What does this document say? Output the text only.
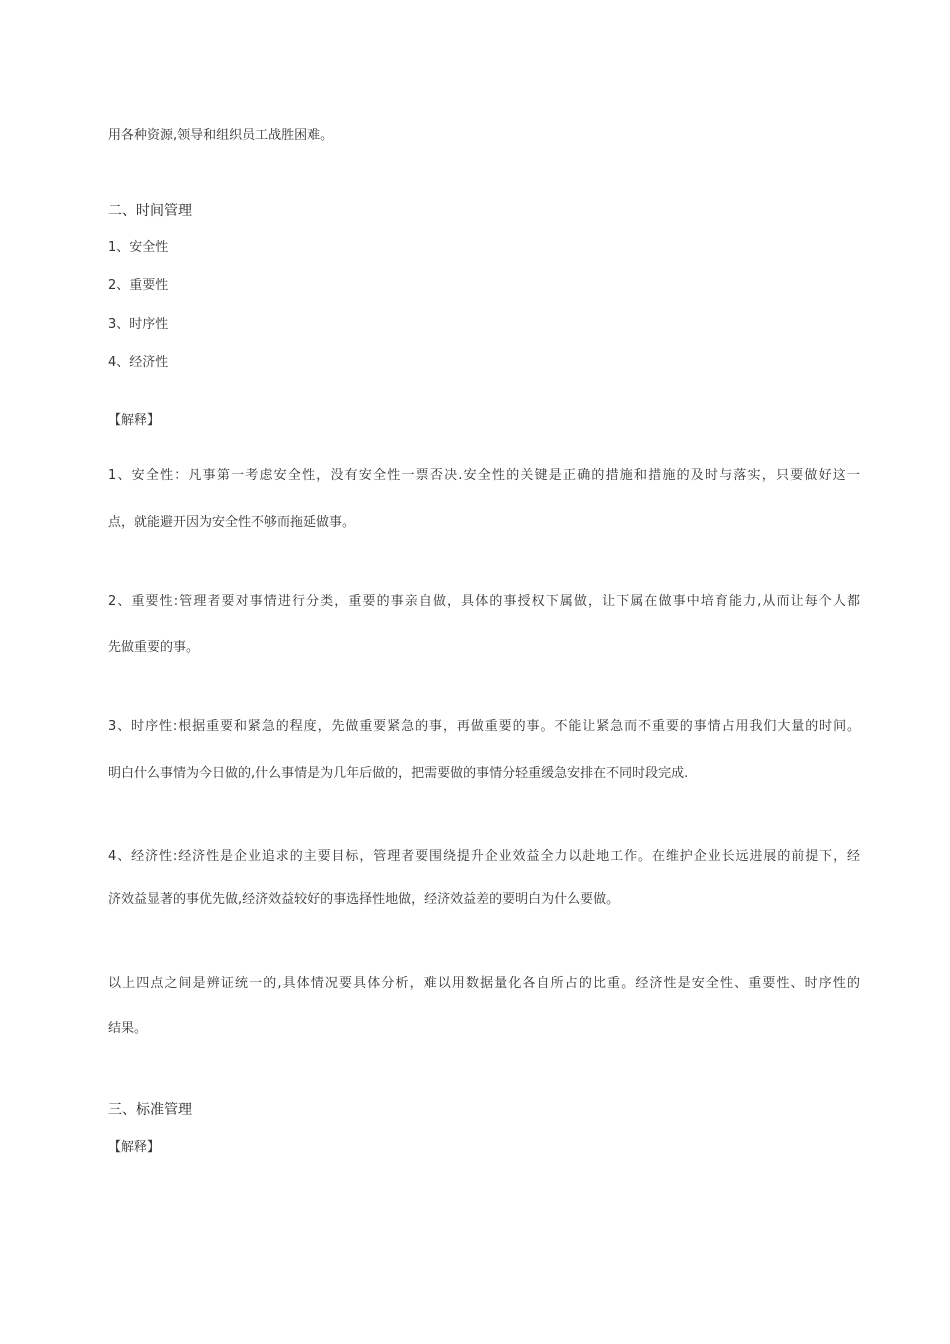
用各种资源,领导和组织员工战胜困难。
二、时间管理
1、安全性
2、重要性
3、时序性
4、经济性
【解释】
1、安全性：凡事第一考虑安全性，没有安全性一票否决.安全性的关键是正确的措施和措施的及时与落实，只要做好这一
点，就能避开因为安全性不够而拖延做事。
2、重要性:管理者要对事情进行分类，重要的事亲自做，具体的事授权下属做，让下属在做事中培育能力,从而让每个人都
先做重要的事。
3、时序性:根据重要和紧急的程度，先做重要紧急的事，再做重要的事。不能让紧急而不重要的事情占用我们大量的时间。
明白什么事情为今日做的,什么事情是为几年后做的，把需要做的事情分轻重缓急安排在不同时段完成.
4、经济性:经济性是企业追求的主要目标，管理者要围绕提升企业效益全力以赴地工作。在维护企业长远进展的前提下，经
济效益显著的事优先做,经济效益较好的事选择性地做，经济效益差的要明白为什么要做。
以上四点之间是辨证统一的,具体情况要具体分析，难以用数据量化各自所占的比重。经济性是安全性、重要性、时序性的
结果。
三、标准管理
【解释】
